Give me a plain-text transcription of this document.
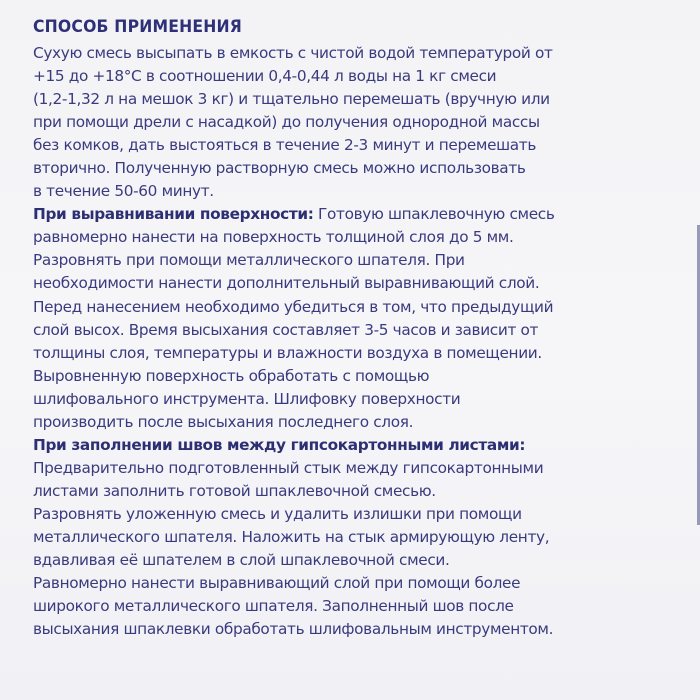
СПОСОБ ПРИМЕНЕНИЯ
Сухую смесь высыпать в емкость с чистой водой температурой от
+15 до +18°С в соотношении 0,4-0,44 л воды на 1 кг смеси
(1,2-1,32 л на мешок 3 кг) и тщательно перемешать (вручную или
при помощи дрели с насадкой) до получения однородной массы
без комков, дать выстояться в течение 2-3 минут и перемешать
вторично. Полученную растворную смесь можно использовать
в течение 50-60 минут.
При выравнивании поверхности: Готовую шпаклевочную смесь
равномерно нанести на поверхность толщиной слоя до 5 мм.
Разровнять при помощи металлического шпателя. При
необходимости нанести дополнительный выравнивающий слой.
Перед нанесением необходимо убедиться в том, что предыдущий
слой высох. Время высыхания составляет 3-5 часов и зависит от
толщины слоя, температуры и влажности воздуха в помещении.
Выровненную поверхность обработать с помощью
шлифовального инструмента. Шлифовку поверхности
производить после высыхания последнего слоя.
При заполнении швов между гипсокартонными листами:
Предварительно подготовленный стык между гипсокартонными
листами заполнить готовой шпаклевочной смесью.
Разровнять уложенную смесь и удалить излишки при помощи
металлического шпателя. Наложить на стык армирующую ленту,
вдавливая её шпателем в слой шпаклевочной смеси.
Равномерно нанести выравнивающий слой при помощи более
широкого металлического шпателя. Заполненный шов после
высыхания шпаклевки обработать шлифовальным инструментом.
